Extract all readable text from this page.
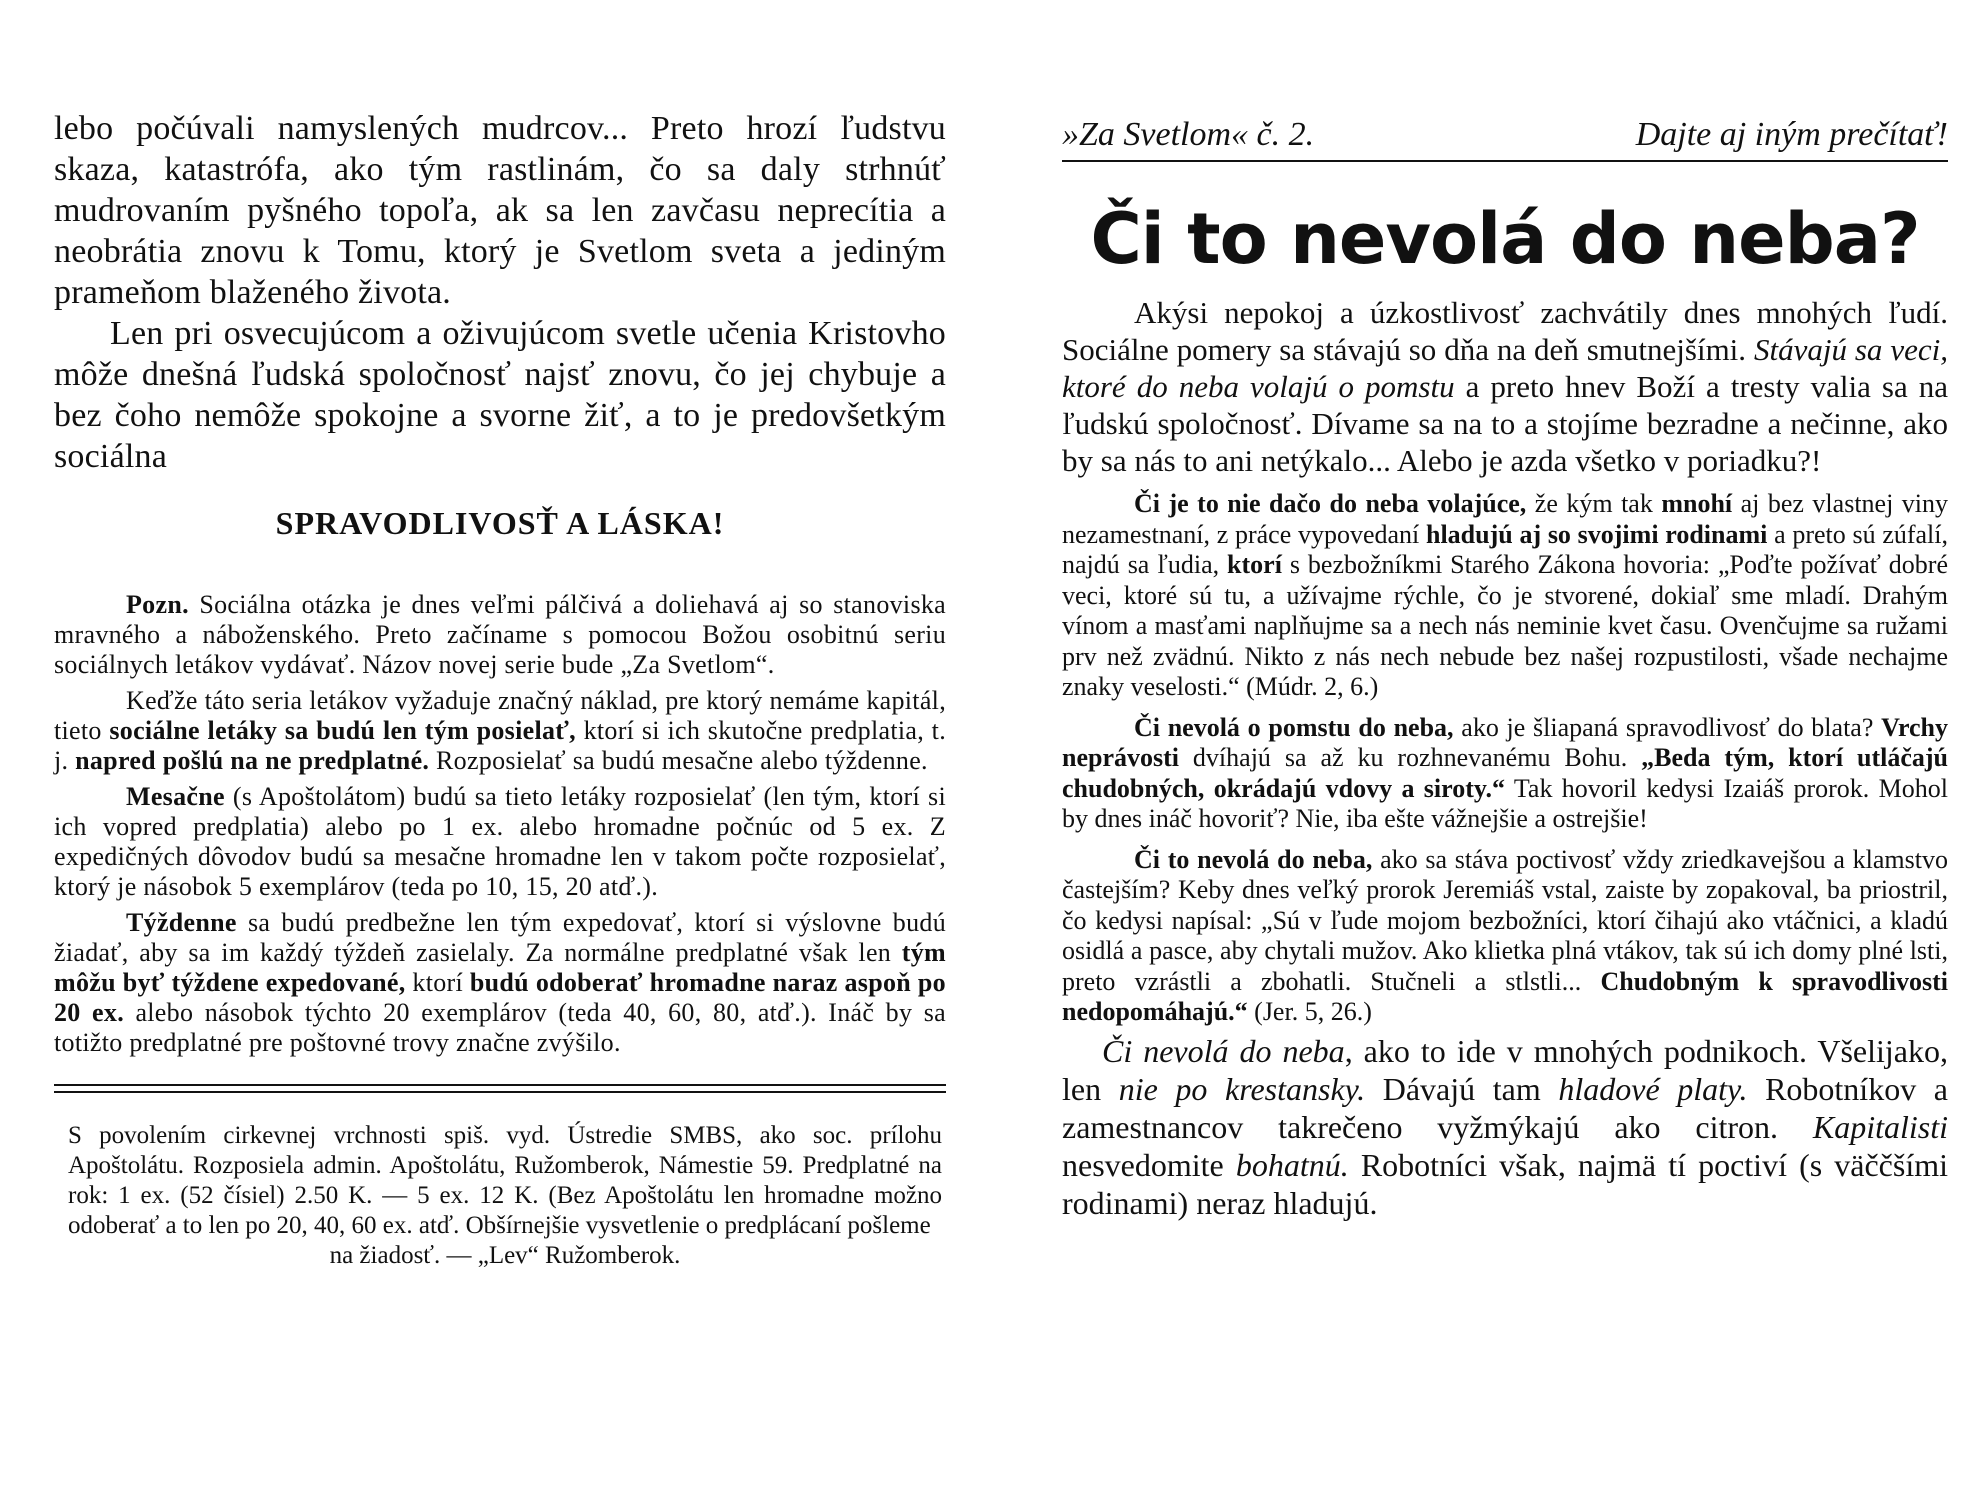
lebo počúvali namyslených mudrcov... Preto hrozí ľudstvu skaza, katastrófa, ako tým rastlinám, čo sa daly strhnúť mudrovaním pyšného topoľa, ak sa len zavčasu neprecítia a neobrátia znovu k Tomu, ktorý je Svetlom sveta a jediným prameňom blaženého života.

Len pri osvecujúcom a oživujúcom svetle učenia Kristovho môže dnešná ľudská spoločnosť najsť znovu, čo jej chybuje a bez čoho nemôže spokojne a svorne žiť, a to je predovšetkým sociálna

SPRAVODLIVOSŤ A LÁSKA!

Pozn. Sociálna otázka je dnes veľmi pálčivá a doliehavá aj so stanoviska mravného a náboženského. Preto začíname s pomocou Božou osobitnú seriu sociálnych letákov vydávať. Názov novej serie bude „Za Svetlom“.

Keďže táto seria letákov vyžaduje značný náklad, pre ktorý nemáme kapitál, tieto sociálne letáky sa budú len tým posielať, ktorí si ich skutočne predplatia, t. j. napred pošlú na ne predplatné. Rozposielať sa budú mesačne alebo týždenne.

Mesačne (s Apoštolátom) budú sa tieto letáky rozposielať (len tým, ktorí si ich vopred predplatia) alebo po 1 ex. alebo hromadne počnúc od 5 ex. Z expedičných dôvodov budú sa mesačne hromadne len v takom počte rozposielať, ktorý je násobok 5 exemplárov (teda po 10, 15, 20 atď.).

Týždenne sa budú predbežne len tým expedovať, ktorí si výslovne budú žiadať, aby sa im každý týždeň zasielaly. Za normálne predplatné však len tým môžu byť týždene expedované, ktorí budú odoberať hromadne naraz aspoň po 20 ex. alebo násobok týchto 20 exemplárov (teda 40, 60, 80, atď.). Ináč by sa totižto predplatné pre poštovné trovy značne zvýšilo.

S povolením cirkevnej vrchnosti spiš. vyd. Ústredie SMBS, ako soc. prílohu Apoštolátu. Rozposiela admin. Apoštolátu, Ružomberok, Námestie 59. Predplatné na rok: 1 ex. (52 čísiel) 2.50 K. — 5 ex. 12 K. (Bez Apoštolátu len hromadne možno odoberať a to len po 20, 40, 60 ex. atď. Obšírnejšie vysvetlenie o predplácaní pošleme

na žiadosť. — „Lev“ Ružomberok.

»Za Svetlom« č. 2.	Dajte aj iným prečítať!
Či to nevolá do neba?

Akýsi nepokoj a úzkostlivosť zachvátily dnes mnohých ľudí. Sociálne pomery sa stávajú so dňa na deň smutnejšími. Stávajú sa veci, ktoré do neba volajú o pomstu a preto hnev Boží a tresty valia sa na ľudskú spoločnosť. Dívame sa na to a stojíme bezradne a nečinne, ako by sa nás to ani netýkalo... Alebo je azda všetko v poriadku?!

Či je to nie dačo do neba volajúce, že kým tak mnohí aj bez vlastnej viny nezamestnaní, z práce vypovedaní hladujú aj so svojimi rodinami a preto sú zúfalí, najdú sa ľudia, ktorí s bezbožníkmi Starého Zákona hovoria: „Poďte požívať dobré veci, ktoré sú tu, a užívajme rýchle, čo je stvorené, dokiaľ sme mladí. Drahým vínom a masťami naplňujme sa a nech nás neminie kvet času. Ovenčujme sa ružami prv než zvädnú. Nikto z nás nech nebude bez našej rozpustilosti, všade nechajme znaky veselosti.“ (Múdr. 2, 6.)

Či nevolá o pomstu do neba, ako je šliapaná spravodlivosť do blata? Vrchy neprávosti dvíhajú sa až ku rozhnevanému Bohu. „Beda tým, ktorí utláčajú chudobných, okrádajú vdovy a siroty.“ Tak hovoril kedysi Izaiáš prorok. Mohol by dnes ináč hovoriť? Nie, iba ešte vážnejšie a ostrejšie!

Či to nevolá do neba, ako sa stáva poctivosť vždy zriedkavejšou a klamstvo častejším? Keby dnes veľký prorok Jeremiáš vstal, zaiste by zopakoval, ba priostril, čo kedysi napísal: „Sú v ľude mojom bezbožníci, ktorí čihajú ako vtáčnici, a kladú osidlá a pasce, aby chytali mužov. Ako klietka plná vtákov, tak sú ich domy plné lsti, preto vzrástli a zbohatli. Stučneli a stlstli... Chudobným k spravodlivosti nedopomáhajú.“ (Jer. 5, 26.)

Či nevolá do neba, ako to ide v mnohých podnikoch. Všelijako, len nie po krestansky. Dávajú tam hladové platy. Robotníkov a zamestnancov takrečeno vyžmýkajú ako citron. Kapitalisti nesvedomite bohatnú. Robotníci však, najmä tí poctiví (s väččšími rodinami) neraz hladujú.
